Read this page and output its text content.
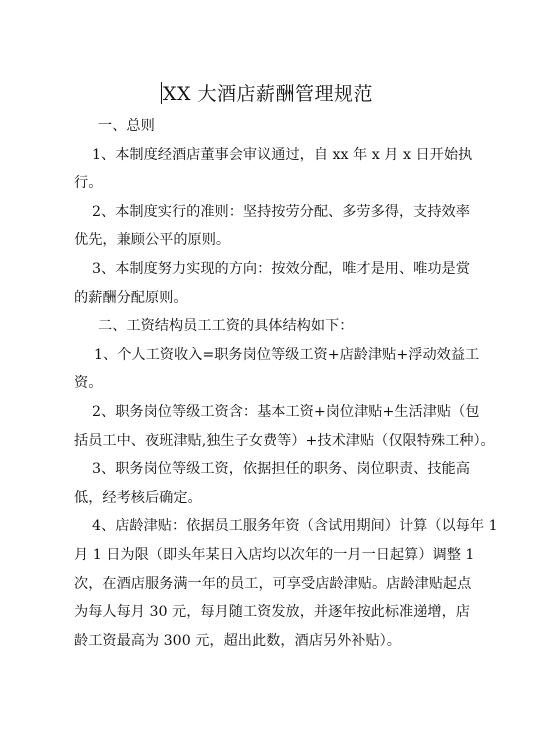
XX 大酒店薪酬管理规范
一、总则
1、本制度经酒店董事会审议通过，自 xx 年 x 月 x 日开始执
行。
2、本制度实行的准则：坚持按劳分配、多劳多得，支持效率
优先，兼顾公平的原则。
3、本制度努力实现的方向：按效分配，唯才是用、唯功是赏
的薪酬分配原则。
二、工资结构员工工资的具体结构如下：
1、个人工资收入=职务岗位等级工资+店龄津贴+浮动效益工
资。
2、职务岗位等级工资含：基本工资+岗位津贴+生活津贴（包
括员工中、夜班津贴,独生子女费等）+技术津贴（仅限特殊工种）。
3、职务岗位等级工资，依据担任的职务、岗位职责、技能高
低，经考核后确定。
4、店龄津贴：依据员工服务年资（含试用期间）计算（以每年 1
月 1 日为限（即头年某日入店均以次年的一月一日起算）调整 1
次，在酒店服务满一年的员工，可享受店龄津贴。店龄津贴起点
为每人每月 30 元，每月随工资发放，并逐年按此标准递增，店
龄工资最高为 300 元，超出此数，酒店另外补贴）。
